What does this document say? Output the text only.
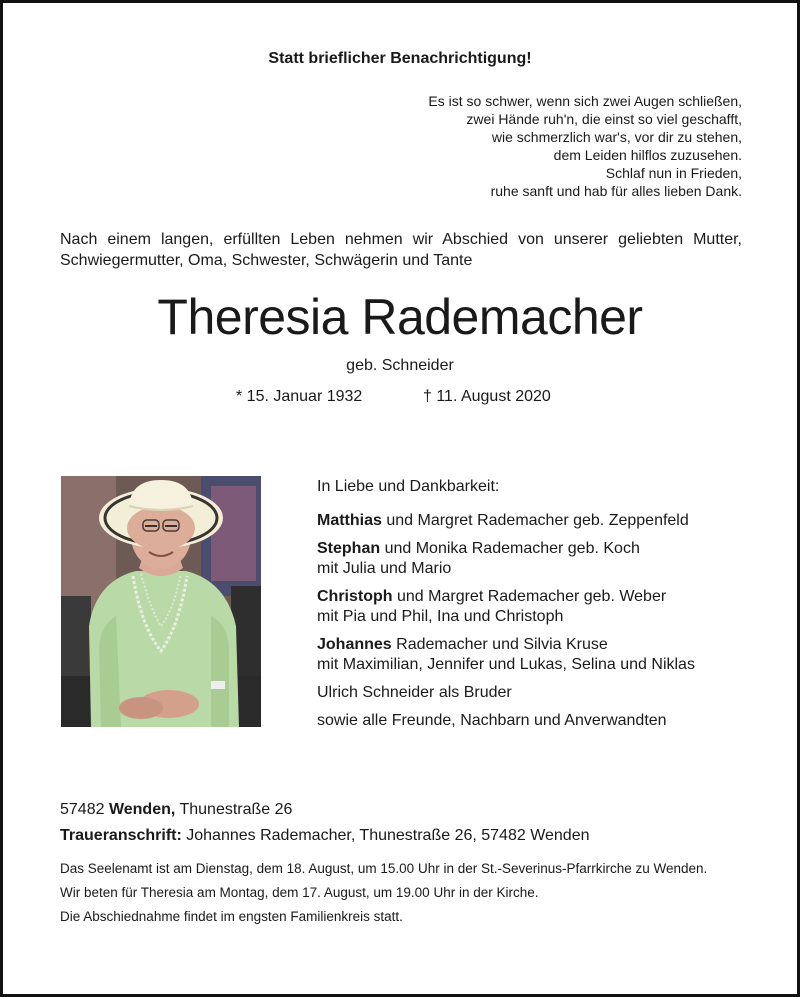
Statt brieflicher Benachrichtigung!
Es ist so schwer, wenn sich zwei Augen schließen,
zwei Hände ruh'n, die einst so viel geschafft,
wie schmerzlich war's, vor dir zu stehen,
dem Leiden hilflos zuzusehen.
Schlaf nun in Frieden,
ruhe sanft und hab für alles lieben Dank.
Nach einem langen, erfüllten Leben nehmen wir Abschied von unserer geliebten Mutter, Schwiegermutter, Oma, Schwester, Schwägerin und Tante
Theresia Rademacher
geb. Schneider
* 15. Januar 1932	† 11. August 2020
In Liebe und Dankbarkeit:
Matthias und Margret Rademacher geb. Zeppenfeld
Stephan und Monika Rademacher geb. Koch
mit Julia und Mario
Christoph und Margret Rademacher geb. Weber
mit Pia und Phil, Ina und Christoph
Johannes Rademacher und Silvia Kruse
mit Maximilian, Jennifer und Lukas, Selina und Niklas
Ulrich Schneider als Bruder
sowie alle Freunde, Nachbarn und Anverwandten
57482 Wenden, Thunestraße 26
Traueranschrift: Johannes Rademacher, Thunestraße 26, 57482 Wenden

Das Seelenamt ist am Dienstag, dem 18. August, um 15.00 Uhr in der St.-Severinus-Pfarrkirche zu Wenden.

Wir beten für Theresia am Montag, dem 17. August, um 19.00 Uhr in der Kirche.

Die Abschiednahme findet im engsten Familienkreis statt.
